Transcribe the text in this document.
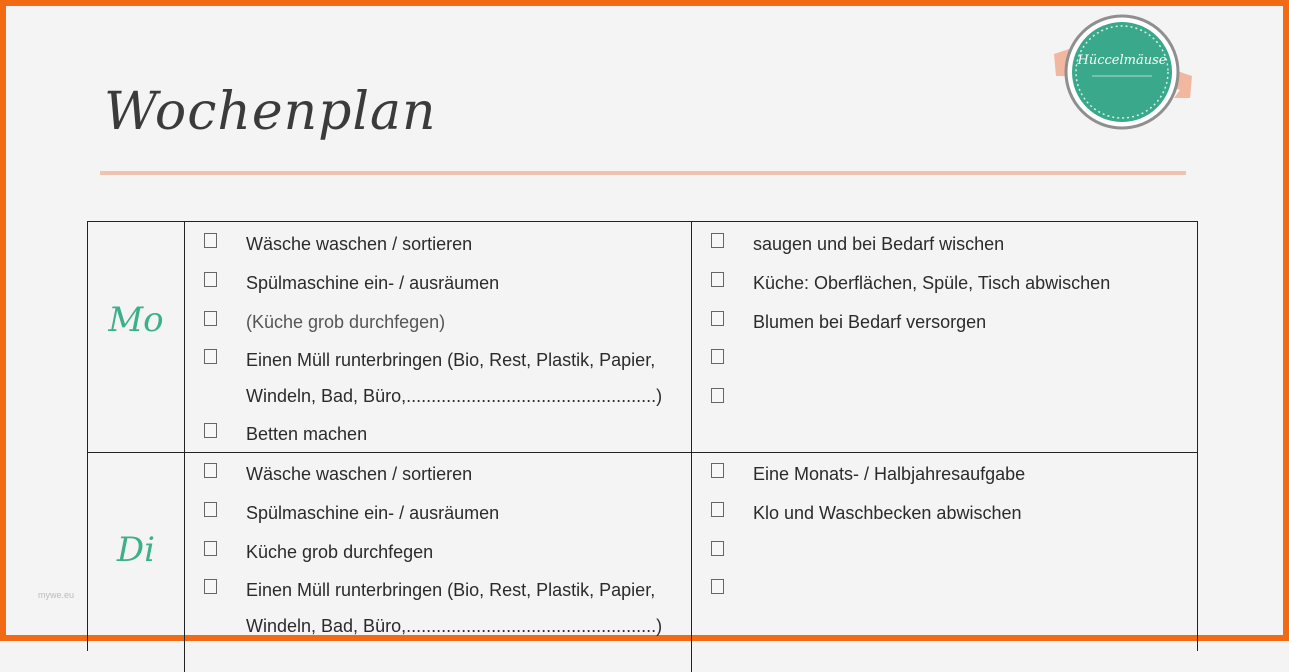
Wochenplan
Hüccelmäuse
Mo
Wäsche waschen / sortieren
Spülmaschine ein- / ausräumen
(Küche grob durchfegen)
Einen Müll runterbringen (Bio, Rest, Plastik, Papier,
Windeln, Bad, Büro,..................................................)
Betten machen
saugen und bei Bedarf wischen
Küche: Oberflächen, Spüle, Tisch abwischen
Blumen bei Bedarf versorgen
Di
Wäsche waschen / sortieren
Spülmaschine ein- / ausräumen
Küche grob durchfegen
Einen Müll runterbringen (Bio, Rest, Plastik, Papier,
Windeln, Bad, Büro,..................................................)
Eine Monats- / Halbjahresaufgabe
Klo und Waschbecken abwischen
mywe.eu
